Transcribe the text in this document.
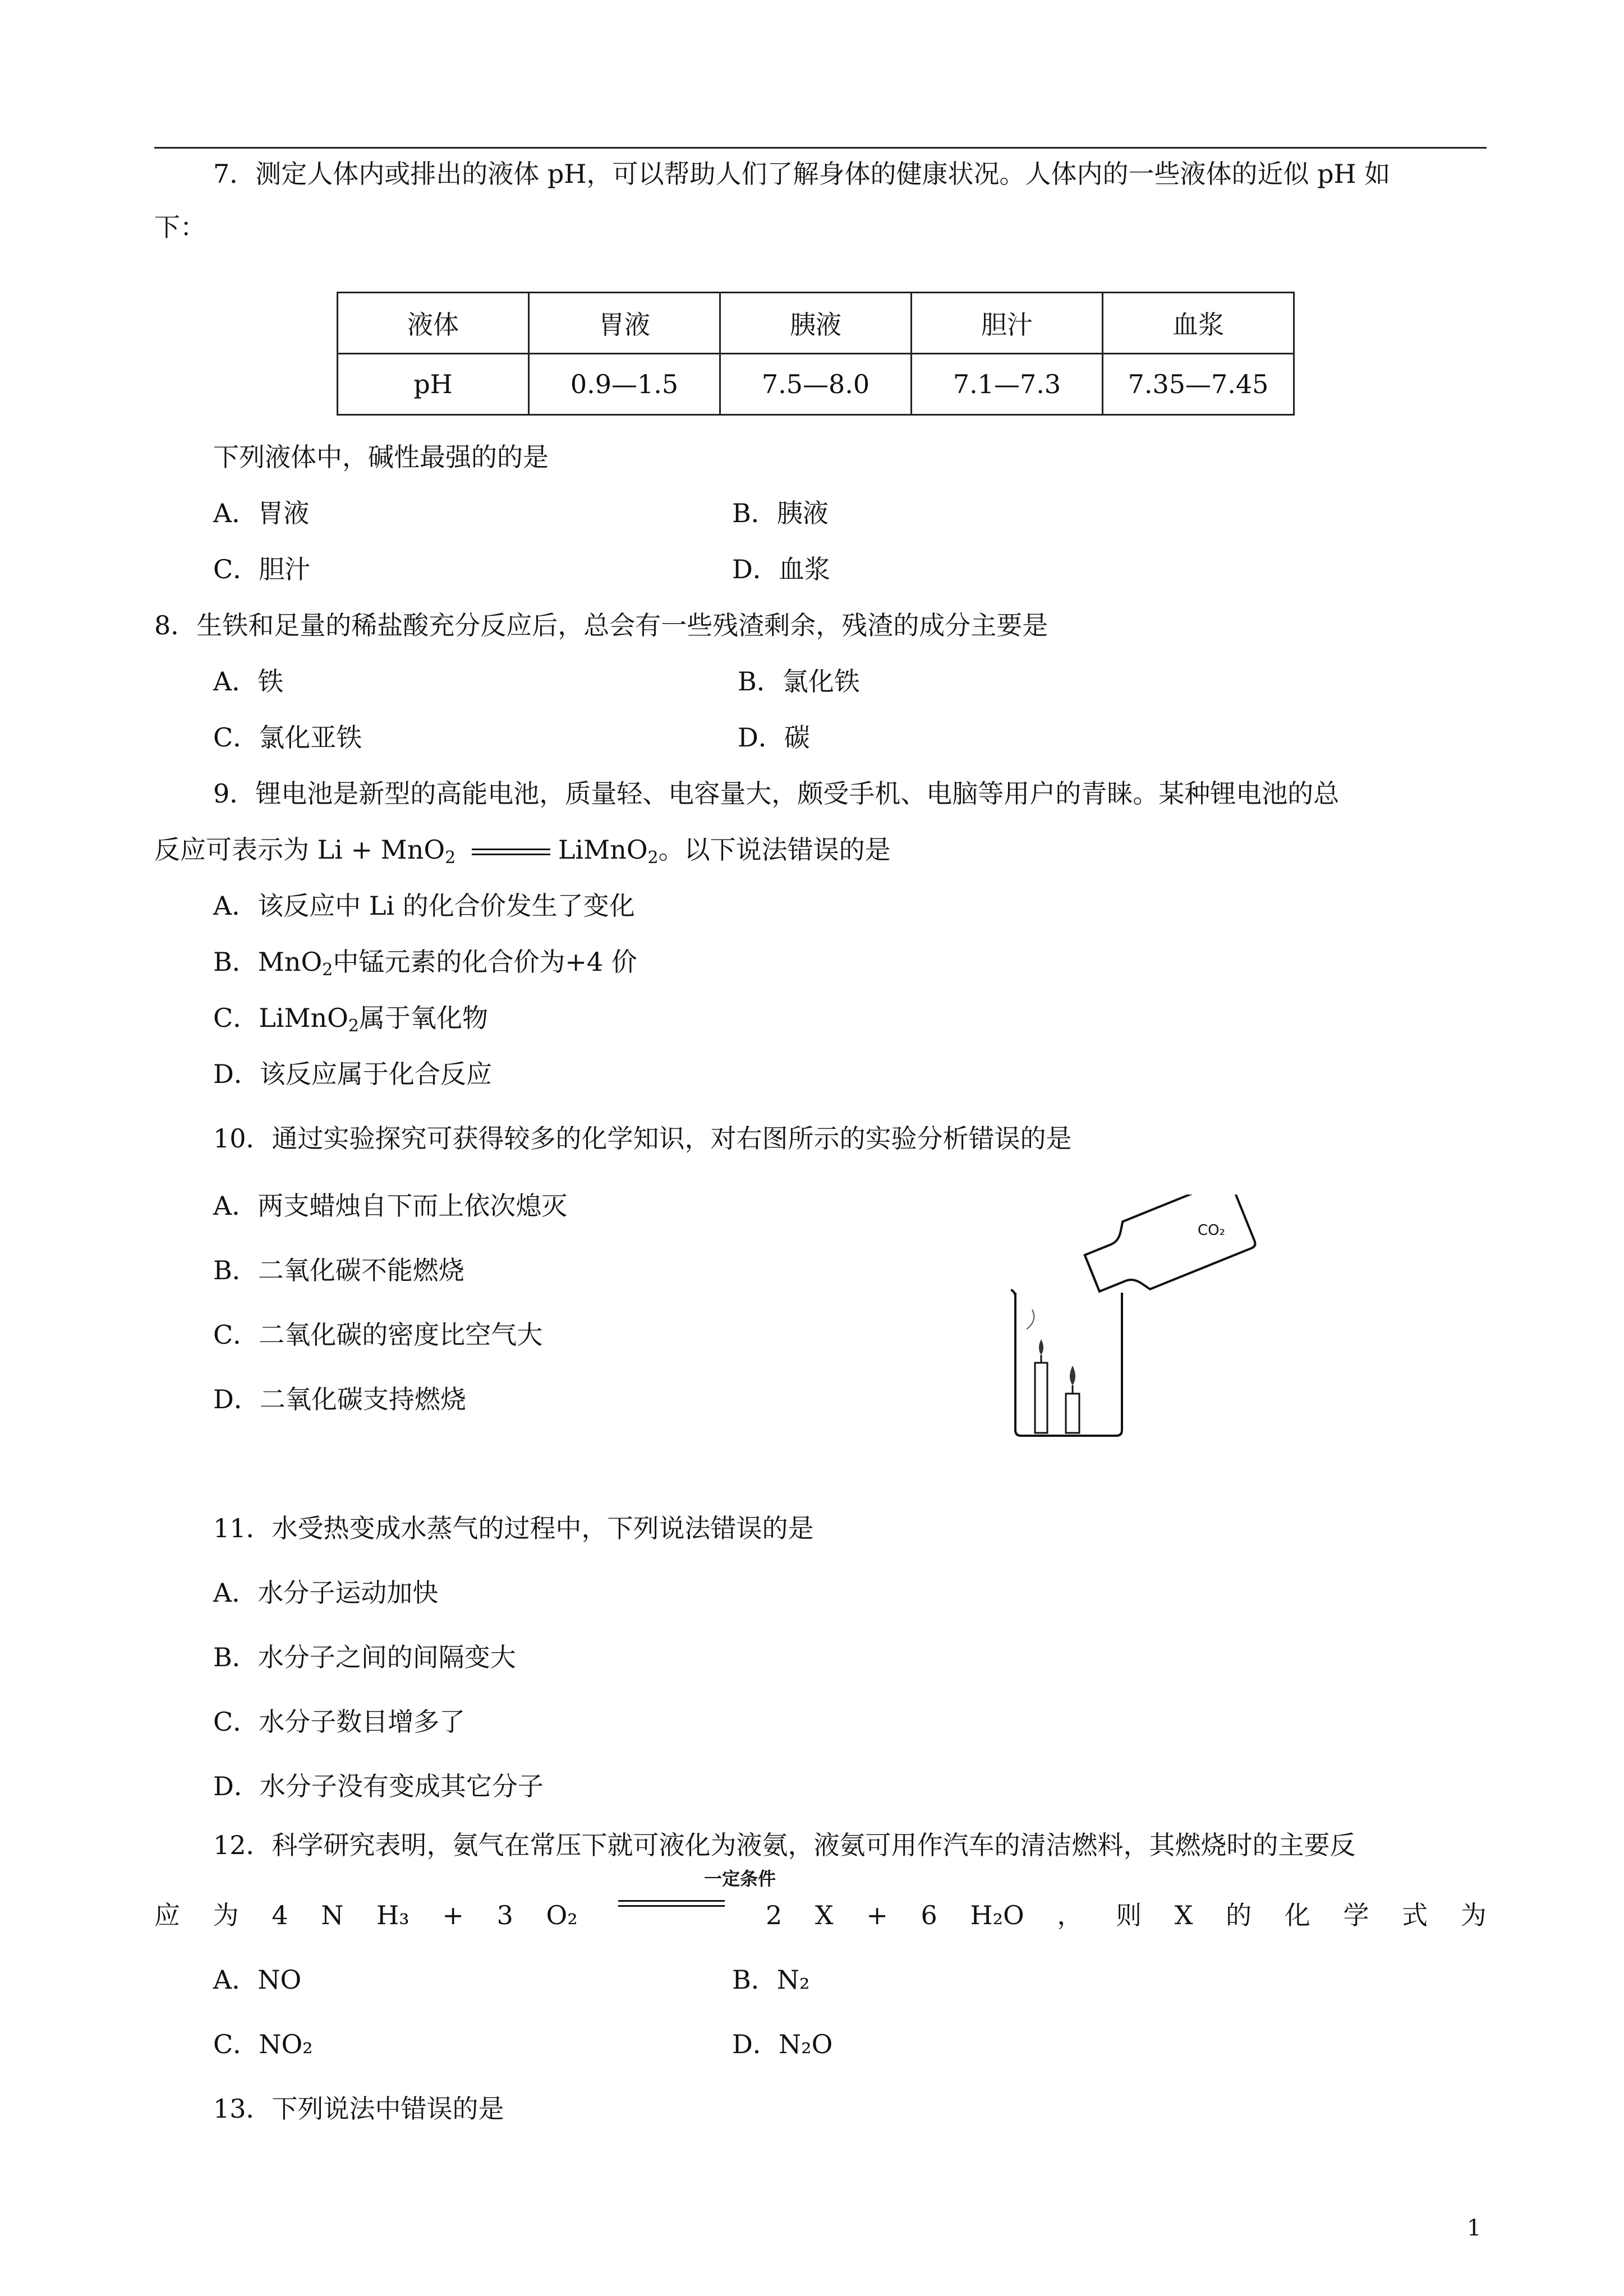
7．测定人体内或排出的液体 pH，可以帮助人们了解身体的健康状况。人体内的一些液体的近似 pH 如
下：
液体	胃液	胰液	胆汁	血浆
pH	0.9—1.5	7.5—8.0	7.1—7.3	7.35—7.45
下列液体中，碱性最强的的是
A．胃液	B．胰液
C．胆汁	D．血浆
8．生铁和足量的稀盐酸充分反应后，总会有一些残渣剩余，残渣的成分主要是
A．铁	B．氯化铁
C．氯化亚铁	D．碳
9．锂电池是新型的高能电池，质量轻、电容量大，颇受手机、电脑等用户的青睐。某种锂电池的总
反应可表示为 Li + MnO$_2$	LiMnO$_2$。以下说法错误的是
A．该反应中 Li 的化合价发生了变化
B．MnO$_2$中锰元素的化合价为+4 价
C．LiMnO$_2$属于氧化物
D．该反应属于化合反应
10．通过实验探究可获得较多的化学知识，对右图所示的实验分析错误的是
A．两支蜡烛自下而上依次熄灭
B．二氧化碳不能燃烧
C．二氧化碳的密度比空气大
D．二氧化碳支持燃烧
CO₂
11．水受热变成水蒸气的过程中，下列说法错误的是
A．水分子运动加快
B．水分子之间的间隔变大
C．水分子数目增多了
D．水分子没有变成其它分子
12．科学研究表明，氨气在常压下就可液化为液氨，液氨可用作汽车的清洁燃料，其燃烧时的主要反
一定条件
应 为 4 N H₃ + 3 O₂	2 X + 6 H₂O ， 则 X 的 化 学 式 为
A．NO	B．N₂
C．NO₂	D．N₂O
13．下列说法中错误的是
1
